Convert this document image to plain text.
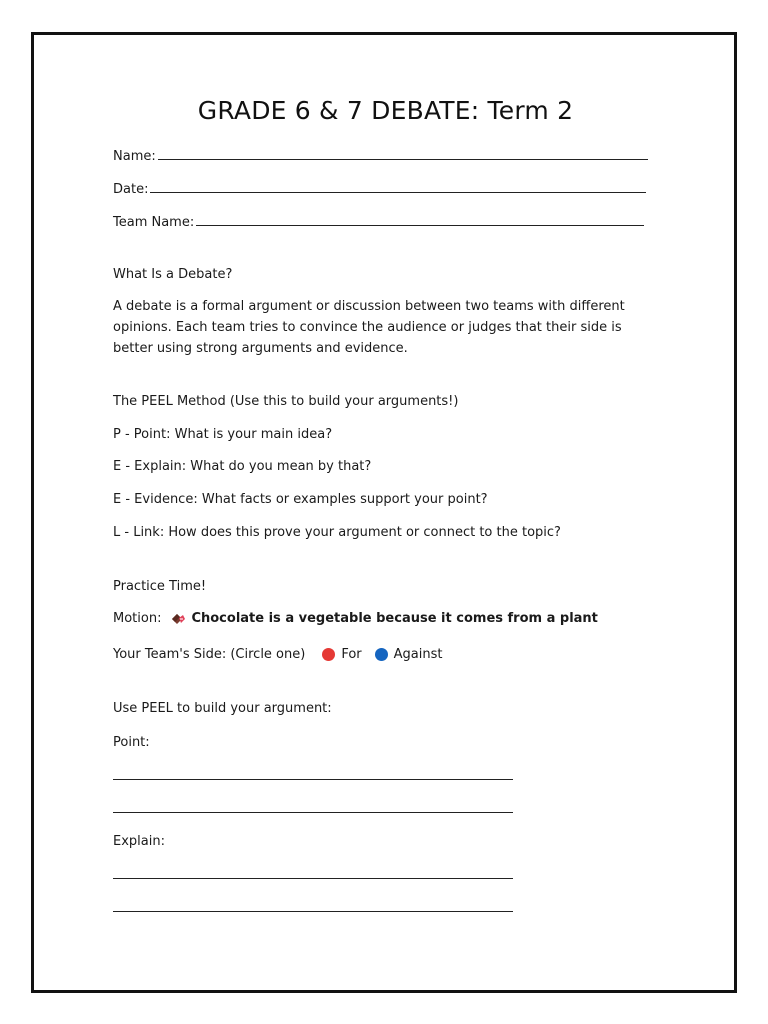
GRADE 6 & 7 DEBATE: Term 2
Name:
Date:
Team Name:
What Is a Debate?
A debate is a formal argument or discussion between two teams with different
opinions. Each team tries to convince the audience or judges that their side is
better using strong arguments and evidence.
The PEEL Method (Use this to build your arguments!)
P - Point: What is your main idea?
E - Explain: What do you mean by that?
E - Evidence: What facts or examples support your point?
L - Link: How does this prove your argument or connect to the topic?
Practice Time!
Motion: Chocolate is a vegetable because it comes from a plant
Your Team's Side: (Circle one)	For Against
Use PEEL to build your argument:
Point:
Explain:
